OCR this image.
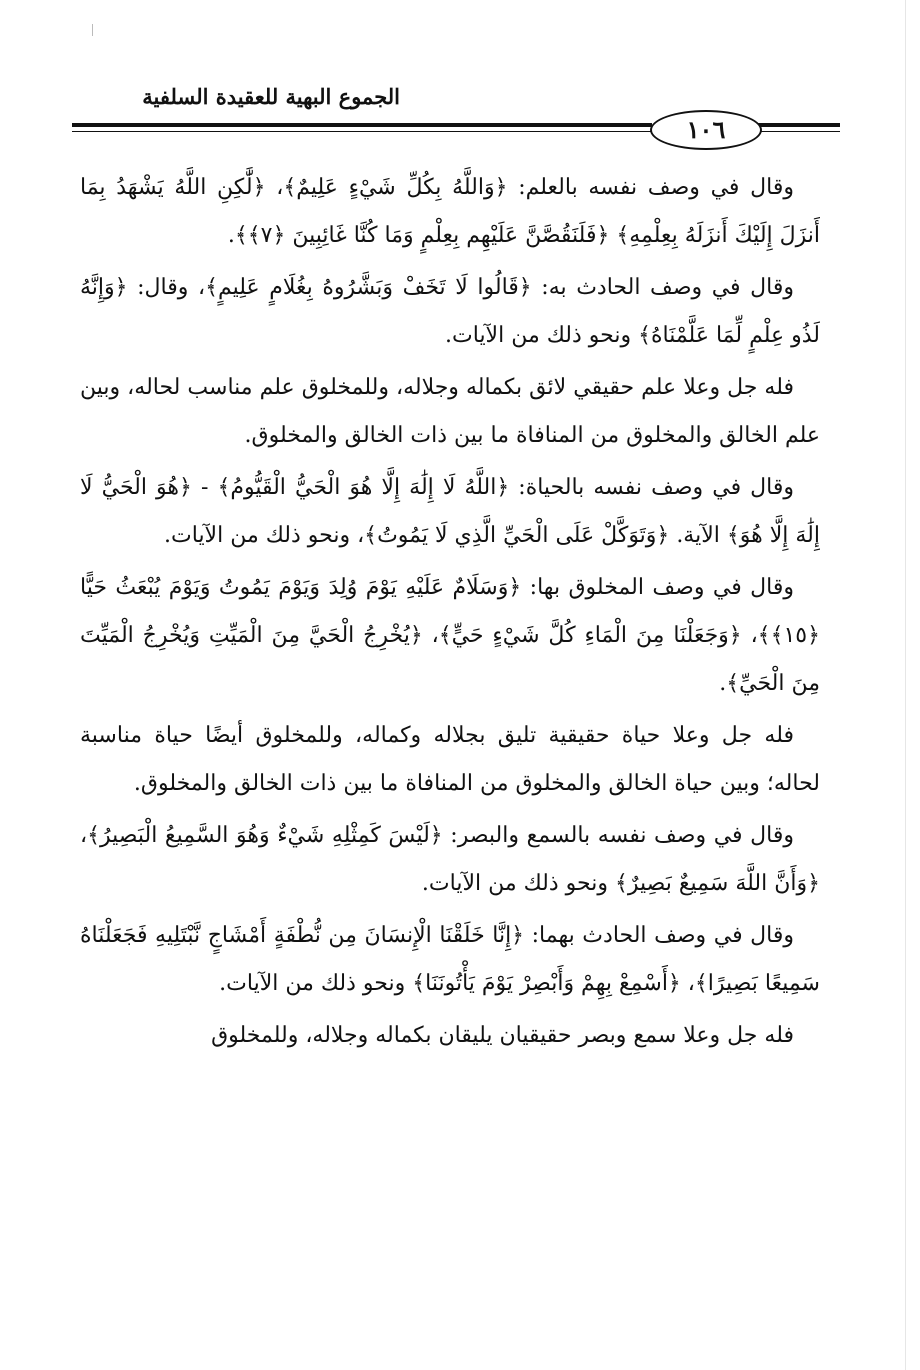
الجموع البهية للعقيدة السلفية
١٠٦

وقال في وصف نفسه بالعلم: ﴿وَاللَّهُ بِكُلِّ شَيْءٍ عَلِيمٌ﴾، ﴿لَّٰكِنِ اللَّهُ يَشْهَدُ بِمَا أَنزَلَ إِلَيْكَ أَنزَلَهُ بِعِلْمِهِ﴾ ﴿فَلَنَقُصَّنَّ عَلَيْهِم بِعِلْمٍ وَمَا كُنَّا غَائِبِينَ ﴿٧﴾﴾.

وقال في وصف الحادث به: ﴿قَالُوا لَا تَخَفْ وَبَشَّرُوهُ بِغُلَامٍ عَلِيمٍ﴾، وقال: ﴿وَإِنَّهُ لَذُو عِلْمٍ لِّمَا عَلَّمْنَاهُ﴾ ونحو ذلك من الآيات.

فله جل وعلا علم حقيقي لائق بكماله وجلاله، وللمخلوق علم مناسب لحاله، وبين علم الخالق والمخلوق من المنافاة ما بين ذات الخالق والمخلوق.

وقال في وصف نفسه بالحياة: ﴿اللَّهُ لَا إِلَٰهَ إِلَّا هُوَ الْحَيُّ الْقَيُّومُ﴾ - ﴿هُوَ الْحَيُّ لَا إِلَٰهَ إِلَّا هُوَ﴾ الآية. ﴿وَتَوَكَّلْ عَلَى الْحَيِّ الَّذِي لَا يَمُوتُ﴾، ونحو ذلك من الآيات.

وقال في وصف المخلوق بها: ﴿وَسَلَامٌ عَلَيْهِ يَوْمَ وُلِدَ وَيَوْمَ يَمُوتُ وَيَوْمَ يُبْعَثُ حَيًّا ﴿١٥﴾﴾، ﴿وَجَعَلْنَا مِنَ الْمَاءِ كُلَّ شَيْءٍ حَيٍّ﴾، ﴿يُخْرِجُ الْحَيَّ مِنَ الْمَيِّتِ وَيُخْرِجُ الْمَيِّتَ مِنَ الْحَيِّ﴾.

فله جل وعلا حياة حقيقية تليق بجلاله وكماله، وللمخلوق أيضًا حياة مناسبة لحاله؛ وبين حياة الخالق والمخلوق من المنافاة ما بين ذات الخالق والمخلوق.

وقال في وصف نفسه بالسمع والبصر: ﴿لَيْسَ كَمِثْلِهِ شَيْءٌ وَهُوَ السَّمِيعُ الْبَصِيرُ﴾، ﴿وَأَنَّ اللَّهَ سَمِيعٌ بَصِيرٌ﴾ ونحو ذلك من الآيات.

وقال في وصف الحادث بهما: ﴿إِنَّا خَلَقْنَا الْإِنسَانَ مِن نُّطْفَةٍ أَمْشَاجٍ نَّبْتَلِيهِ فَجَعَلْنَاهُ سَمِيعًا بَصِيرًا﴾، ﴿أَسْمِعْ بِهِمْ وَأَبْصِرْ يَوْمَ يَأْتُونَنَا﴾ ونحو ذلك من الآيات.

فله جل وعلا سمع وبصر حقيقيان يليقان بكماله وجلاله، وللمخلوق
